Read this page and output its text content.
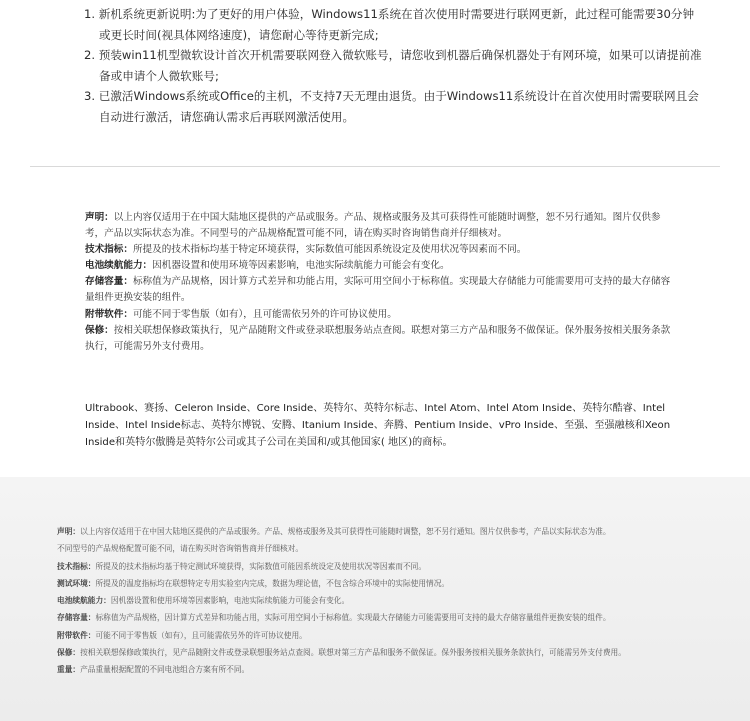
1. 新机系统更新说明:为了更好的用户体验，Windows11系统在首次使用时需要进行联网更新，此过程可能需要30分钟或更长时间(视具体网络速度)，请您耐心等待更新完成;
2. 预装win11机型微软设计首次开机需要联网登入微软账号，请您收到机器后确保机器处于有网环境，如果可以请提前准备或申请个人微软账号;
3. 已激活Windows系统或Office的主机，不支持7天无理由退货。由于Windows11系统设计在首次使用时需要联网且会自动进行激活，请您确认需求后再联网激活使用。

声明：以上内容仅适用于在中国大陆地区提供的产品或服务。产品、规格或服务及其可获得性可能随时调整，恕不另行通知。图片仅供参考，产品以实际状态为准。不同型号的产品规格配置可能不同，请在购买时咨询销售商并仔细核对。

技术指标：所提及的技术指标均基于特定环境获得，实际数值可能因系统设定及使用状况等因素而不同。

电池续航能力：因机器设置和使用环境等因素影响，电池实际续航能力可能会有变化。

存储容量：标称值为产品规格，因计算方式差异和功能占用，实际可用空间小于标称值。实现最大存储能力可能需要用可支持的最大存储容量组件更换安装的组件。

附带软件：可能不同于零售版（如有），且可能需依另外的许可协议使用。

保修：按相关联想保修政策执行，见产品随附文件或登录联想服务站点查阅。联想对第三方产品和服务不做保证。保外服务按相关服务条款执行，可能需另外支付费用。

Ultrabook、赛扬、Celeron Inside、Core Inside、英特尔、英特尔标志、Intel Atom、Intel Atom Inside、英特尔酷睿、Intel Inside、Intel Inside标志、英特尔博锐、安腾、Itanium Inside、奔腾、Pentium Inside、vPro Inside、至强、至强融核和Xeon Inside和英特尔傲腾是英特尔公司或其子公司在美国和/或其他国家( 地区)的商标。

声明：以上内容仅适用于在中国大陆地区提供的产品或服务。产品、规格或服务及其可获得性可能随时调整，恕不另行通知。图片仅供参考，产品以实际状态为准。

不同型号的产品规格配置可能不同，请在购买时咨询销售商并仔细核对。

技术指标：所提及的技术指标均基于特定测试环境获得，实际数值可能因系统设定及使用状况等因素而不同。

测试环境：所提及的温度指标均在联想特定专用实验室内完成，数据为理论值，不包含综合环境中的实际使用情况。

电池续航能力：因机器设置和使用环境等因素影响，电池实际续航能力可能会有变化。

存储容量：标称值为产品规格，因计算方式差异和功能占用，实际可用空间小于标称值。实现最大存储能力可能需要用可支持的最大存储容量组件更换安装的组件。

附带软件：可能不同于零售版（如有），且可能需依另外的许可协议使用。

保修：按相关联想保修政策执行，见产品随附文件或登录联想服务站点查阅。联想对第三方产品和服务不做保证。保外服务按相关服务条款执行，可能需另外支付费用。

重量：产品重量根据配置的不同电池组合方案有所不同。
